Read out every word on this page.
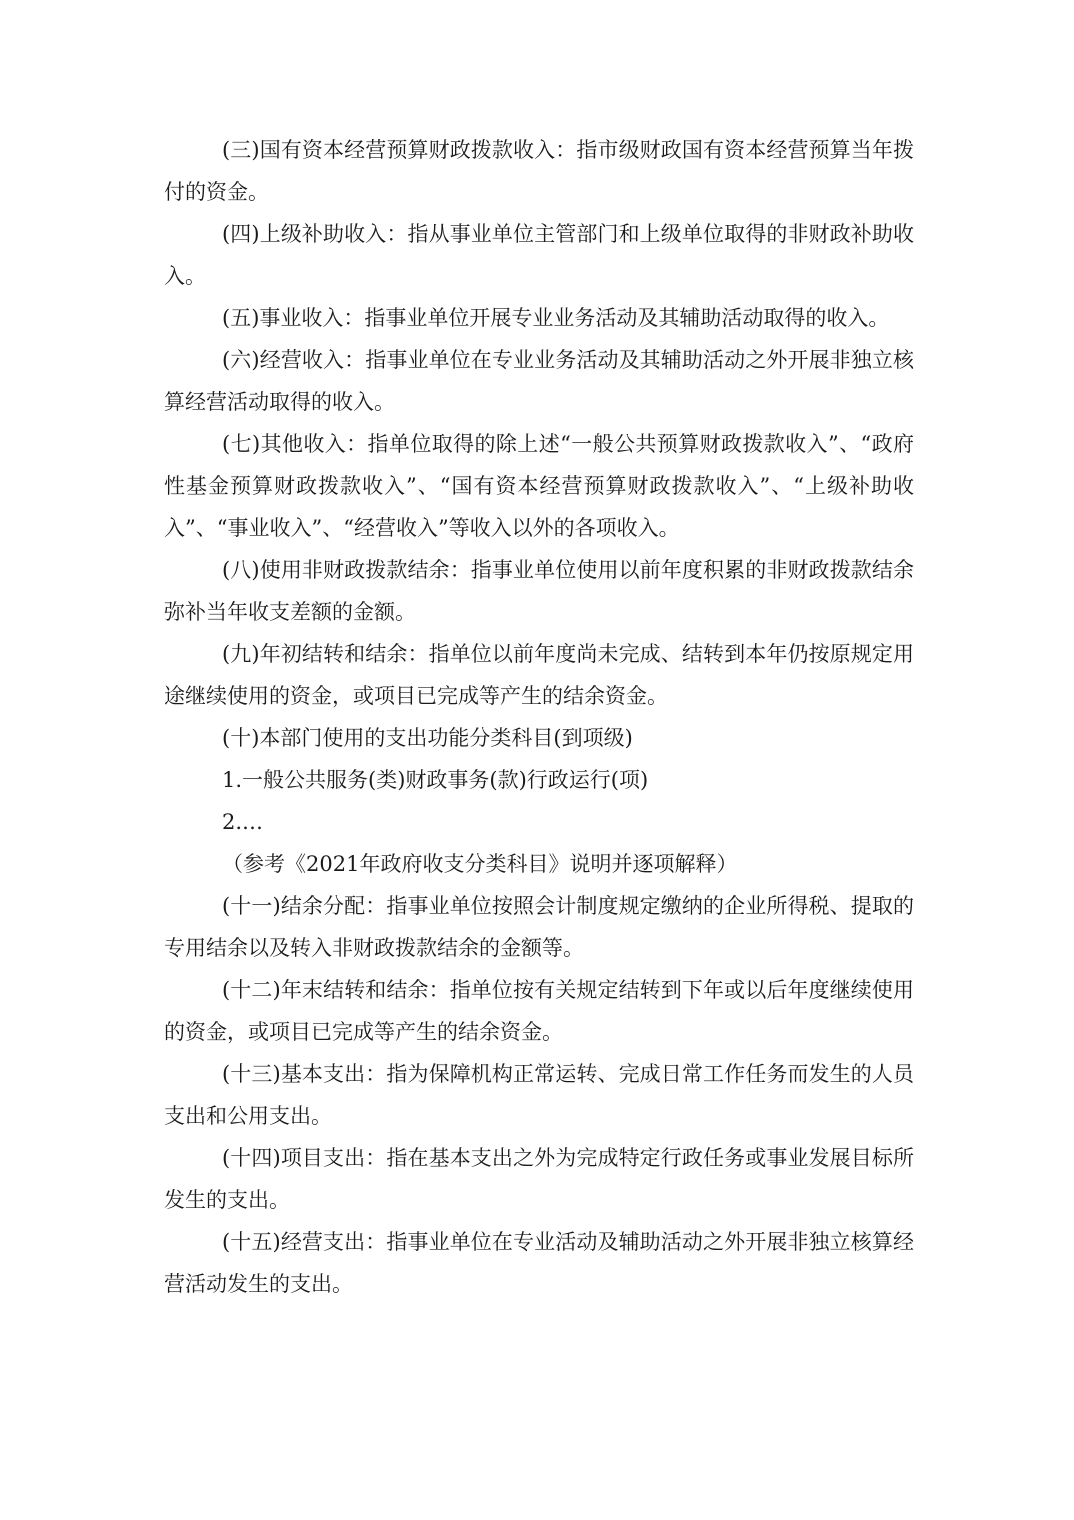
(三)国有资本经营预算财政拨款收入：指市级财政国有资本经营预算当年拨付的资金。

(四)上级补助收入：指从事业单位主管部门和上级单位取得的非财政补助收入。

(五)事业收入：指事业单位开展专业业务活动及其辅助活动取得的收入。

(六)经营收入：指事业单位在专业业务活动及其辅助活动之外开展非独立核算经营活动取得的收入。

(七)其他收入：指单位取得的除上述“一般公共预算财政拨款收入”、“政府性基金预算财政拨款收入”、“国有资本经营预算财政拨款收入”、“上级补助收入”、“事业收入”、“经营收入”等收入以外的各项收入。

(八)使用非财政拨款结余：指事业单位使用以前年度积累的非财政拨款结余弥补当年收支差额的金额。

(九)年初结转和结余：指单位以前年度尚未完成、结转到本年仍按原规定用途继续使用的资金，或项目已完成等产生的结余资金。

(十)本部门使用的支出功能分类科目(到项级)

1.一般公共服务(类)财政事务(款)行政运行(项)

2.…

（参考《2021年政府收支分类科目》说明并逐项解释）

(十一)结余分配：指事业单位按照会计制度规定缴纳的企业所得税、提取的专用结余以及转入非财政拨款结余的金额等。

(十二)年末结转和结余：指单位按有关规定结转到下年或以后年度继续使用的资金，或项目已完成等产生的结余资金。

(十三)基本支出：指为保障机构正常运转、完成日常工作任务而发生的人员支出和公用支出。

(十四)项目支出：指在基本支出之外为完成特定行政任务或事业发展目标所发生的支出。

(十五)经营支出：指事业单位在专业活动及辅助活动之外开展非独立核算经营活动发生的支出。
